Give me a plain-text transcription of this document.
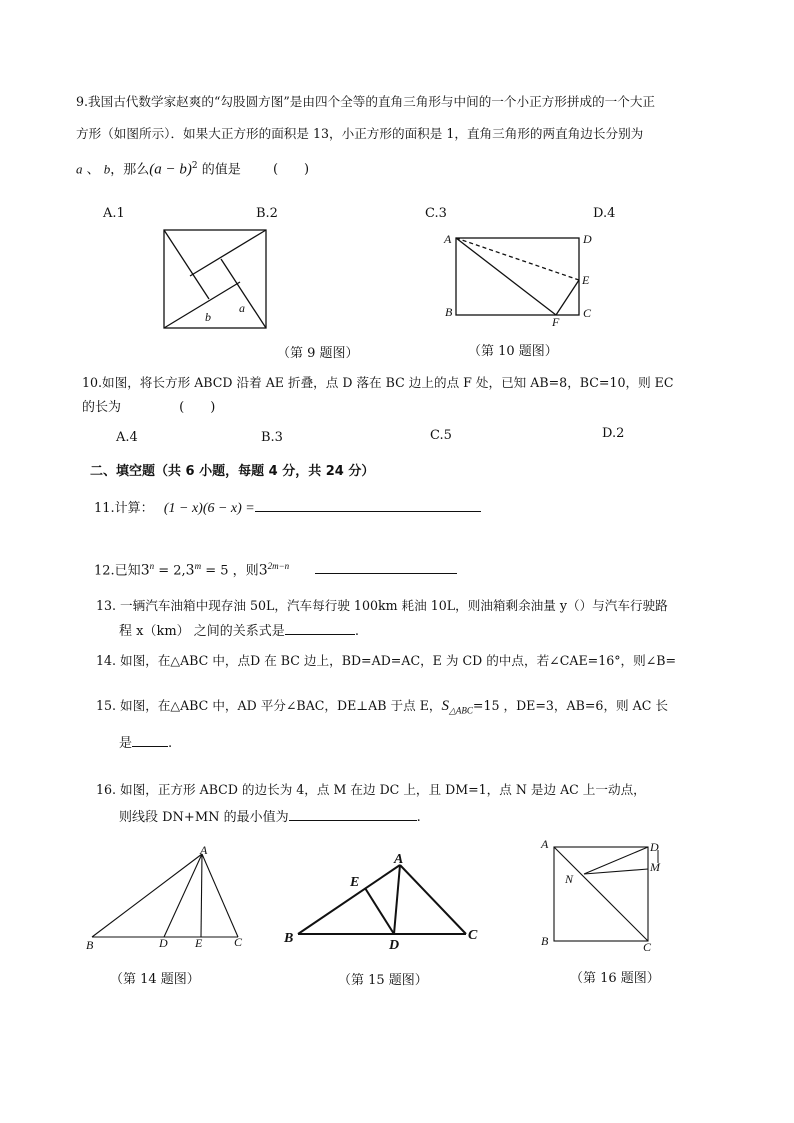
9.我国古代数学家赵爽的“勾股圆方图”是由四个全等的直角三角形与中间的一个小正方形拼成的一个大正
方形（如图所示）．如果大正方形的面积是 13，小正方形的面积是 1，直角三角形的两直角边长分别为
a 、 b，那么$(a - b)^2$ 的值是 (　　)
A.1	B.2	C.3	D.4
a
b
A	D
E
B
F
C
（第 9 题图）	（第 10 题图）
10.如图，将长方形 ABCD 沿着 AE 折叠，点 D 落在 BC 边上的点 F 处，已知 AB=8，BC=10，则 EC
的长为	(　　)
A.4	B.3	C.5	D.2
二、填空题（共 6 小题，每题 4 分，共 24 分）
11.计算： (1 − x)(6 − x) =
12.已知$3^n = 2,3^m = 5$ ，则$3^{2m-n}$
13. 一辆汽车油箱中现存油 50L，汽车每行驶 100km 耗油 10L，则油箱剩余油量 y（）与汽车行驶路
程 x（km） 之间的关系式是	.
14. 如图，在△ABC 中，点D 在 BC 边上，BD=AD=AC，E 为 CD 的中点，若∠CAE=16°，则∠B=
15. 如图，在△ABC 中，AD 平分∠BAC，DE⊥AB 于点 E，$S_{\triangle ABC}=15$ ，DE=3，AB=6，则 AC 长
是	.
16. 如图，正方形 ABCD 的边长为 4，点 M 在边 DC 上，且 DM=1，点 N 是边 AC 上一动点，
则线段 DN+MN 的最小值为	.
A
B	D E	C
A
E
B	D
C
A	D
N
M
B	C
（第 14 题图）	（第 15 题图）	（第 16 题图）
